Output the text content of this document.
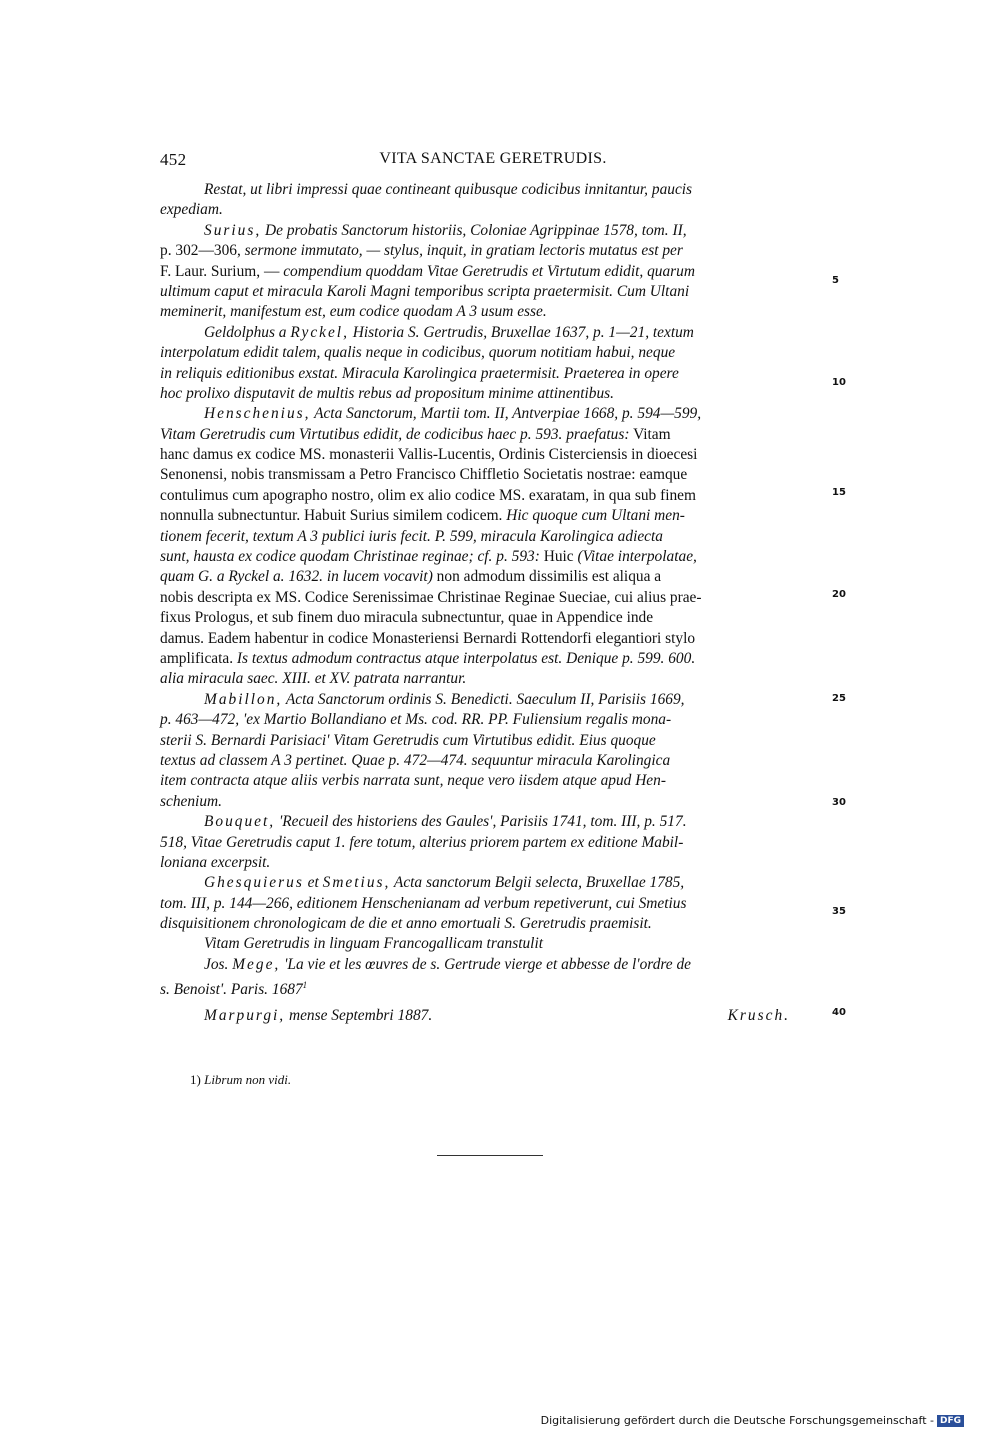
452	VITA SANCTAE GERETRUDIS.
Restat, ut libri impressi quae contineant quibusque codicibus innitantur, paucis
expediam.
Surius, De probatis Sanctorum historiis, Coloniae Agrippinae 1578, tom. II,
p. 302—306, sermone immutato, — stylus, inquit, in gratiam lectoris mutatus est per
F. Laur. Surium, — compendium quoddam Vitae Geretrudis et Virtutum edidit, quarum
ultimum caput et miracula Karoli Magni temporibus scripta praetermisit. Cum Ultani
meminerit, manifestum est, eum codice quodam A 3 usum esse.
Geldolphus a Ryckel, Historia S. Gertrudis, Bruxellae 1637, p. 1—21, textum
interpolatum edidit talem, qualis neque in codicibus, quorum notitiam habui, neque
in reliquis editionibus exstat. Miracula Karolingica praetermisit. Praeterea in opere
hoc prolixo disputavit de multis rebus ad propositum minime attinentibus.
Henschenius, Acta Sanctorum, Martii tom. II, Antverpiae 1668, p. 594—599,
Vitam Geretrudis cum Virtutibus edidit, de codicibus haec p. 593. praefatus: Vitam
hanc damus ex codice MS. monasterii Vallis-Lucentis, Ordinis Cisterciensis in dioecesi
Senonensi, nobis transmissam a Petro Francisco Chiffletio Societatis nostrae: eamque
contulimus cum apographo nostro, olim ex alio codice MS. exaratam, in qua sub finem
nonnulla subnectuntur. Habuit Surius similem codicem. Hic quoque cum Ultani men-
tionem fecerit, textum A 3 publici iuris fecit. P. 599, miracula Karolingica adiecta
sunt, hausta ex codice quodam Christinae reginae; cf. p. 593: Huic (Vitae interpolatae,
quam G. a Ryckel a. 1632. in lucem vocavit) non admodum dissimilis est aliqua a
nobis descripta ex MS. Codice Serenissimae Christinae Reginae Sueciae, cui alius prae-
fixus Prologus, et sub finem duo miracula subnectuntur, quae in Appendice inde
damus. Eadem habentur in codice Monasteriensi Bernardi Rottendorfi elegantiori stylo
amplificata. Is textus admodum contractus atque interpolatus est. Denique p. 599. 600.
alia miracula saec. XIII. et XV. patrata narrantur.
Mabillon, Acta Sanctorum ordinis S. Benedicti. Saeculum II, Parisiis 1669,
p. 463—472, 'ex Martio Bollandiano et Ms. cod. RR. PP. Fuliensium regalis mona-
sterii S. Bernardi Parisiaci' Vitam Geretrudis cum Virtutibus edidit. Eius quoque
textus ad classem A 3 pertinet. Quae p. 472—474. sequuntur miracula Karolingica
item contracta atque aliis verbis narrata sunt, neque vero iisdem atque apud Hen-
schenium.
Bouquet, 'Recueil des historiens des Gaules', Parisiis 1741, tom. III, p. 517.
518, Vitae Geretrudis caput 1. fere totum, alterius priorem partem ex editione Mabil-
loniana excerpsit.
Ghesquierus et Smetius, Acta sanctorum Belgii selecta, Bruxellae 1785,
tom. III, p. 144—266, editionem Henschenianam ad verbum repetiverunt, cui Smetius
disquisitionem chronologicam de die et anno emortuali S. Geretrudis praemisit.
Vitam Geretrudis in linguam Francogallicam transtulit
Jos. Mege, 'La vie et les œuvres de s. Gertrude vierge et abbesse de l'ordre de
s. Benoist'. Paris. 1687$^1$
Marpurgi, mense Septembri 1887.	Krusch.
5
10
15
20
25
30
35
40
1) Librum non vidi.
Digitalisierung gefördert durch die Deutsche Forschungsgemeinschaft - DFG
